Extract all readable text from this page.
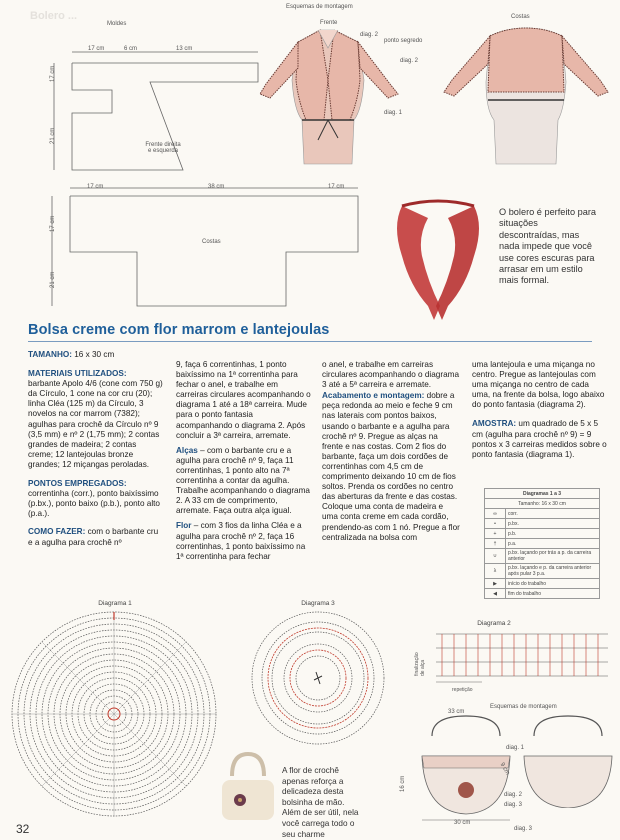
Bolero ...
Esquemas de montagem
Moldes
17 cm	6 cm	13 cm
17 cm
21 cm
Frente direita
e esquerda
17 cm	38 cm	17 cm
17 cm
21 cm
Costas
Frente
diag. 2
ponto segredo
diag. 2
diag. 1
Costas
O bolero é perfeito para situações descontraídas, mas nada impede que você use cores escuras para arrasar em um estilo mais formal.
Bolsa creme com flor marrom e lantejoulas

TAMANHO: 16 x 30 cm

MATERIAIS UTILIZADOS:

barbante Apolo 4/6 (cone com 750 g) da Círculo, 1 cone na cor cru (20); linha Cléa (125 m) da Círculo, 3 novelos na cor marrom (7382); agulhas para crochê da Círculo nº 9 (3,5 mm) e nº 2 (1,75 mm); 2 contas grandes de madeira; 2 contas creme; 12 lantejoulas bronze grandes; 12 miçangas peroladas.

PONTOS EMPREGADOS:

correntinha (corr.), ponto baixíssimo (p.bx.), ponto baixo (p.b.), ponto alto (p.a.).

COMO FAZER: com o barbante cru e a agulha para crochê nº

9, faça 6 correntinhas, 1 ponto baixíssimo na 1ª correntinha para fechar o anel, e trabalhe em carreiras circulares acompanhando o diagrama 1 até a 18ª carreira. Mude para o ponto fantasia acompanhando o diagrama 2. Após concluir a 3ª carreira, arremate.

Alças – com o barbante cru e a agulha para crochê nº 9, faça 11 correntinhas, 1 ponto alto na 7ª correntinha a contar da agulha. Trabalhe acompanhando o diagrama 2. A 33 cm de comprimento, arremate. Faça outra alça igual.

Flor – com 3 fios da linha Cléa e a agulha para crochê nº 2, faça 16 correntinhas, 1 ponto baixíssimo na 1ª correntinha para fechar

o anel, e trabalhe em carreiras circulares acompanhando o diagrama 3 até a 5ª carreira e arremate.

Acabamento e montagem: dobre a peça redonda ao meio e feche 9 cm nas laterais com pontos baixos, usando o barbante e a agulha para crochê nº 9. Pregue as alças na frente e nas costas. Com 2 fios do barbante, faça um dois cordões de correntinhas com 4,5 cm de comprimento deixando 10 cm de fios soltos. Prenda os cordões no centro das aberturas da frente e das costas. Coloque uma conta de madeira e uma conta creme em cada cordão, prendendo-as com 1 nó. Pregue a flor centralizada na bolsa com

uma lantejoula e uma miçanga no centro. Pregue as lantejoulas com uma miçanga no centro de cada uma, na frente da bolsa, logo abaixo do ponto fantasia (diagrama 2).

AMOSTRA: um quadrado de 5 x 5 cm (agulha para crochê nº 9) = 9 pontos x 3 carreiras medidos sobre o ponto fantasia (diagrama 1).

Diagramas 1 a 3	
Tamanho: 16 x 30 cm	
∞	corr.
•	p.bx.
+	p.b.
†	p.a.
∪	p.bx. laçando por trás a p. da carreira anterior
λ	p.bx. laçando e p. da carreira anterior após pular 3 p.a.
▶	início do trabalho
◀	fim do trabalho
Diagrama 1	Diagrama 3
Diagrama 2
finalização
de alça
repetição
Esquemas de montagem
33 cm
diag. 1
9 cm
16 cm
diag. 2
diag. 3
30 cm
diag. 3
A flor de crochê apenas reforça a delicadeza desta bolsinha de mão. Além de ser útil, nela você carrega todo o seu charme
32
